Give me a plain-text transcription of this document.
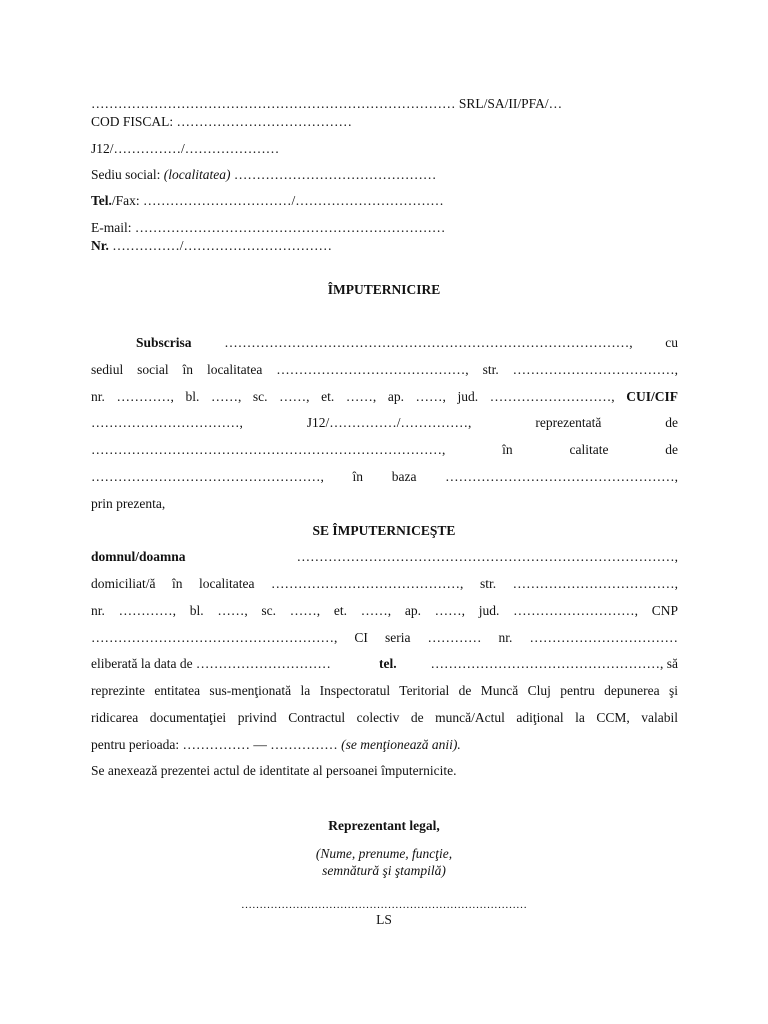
……………………………………………………………………… SRL/SA/II/PFA/…
COD FISCAL: …………………………………
J12/……………/…………………
Sediu social: (localitatea) ………………………………………
Tel./Fax: ……………………………/……………………………
E-mail: ……………………………………………………………
Nr. ……………/……………………………
ÎMPUTERNICIRE
Subscrisa ………………………………………………………………………………, cu
sediul social în localitatea ……………………………………, str. ………………………………,
nr. …………, bl. ……, sc. ……, et. ……, ap. ……, jud. ………………………, CUI/CIF
……………………………, J12/……………/……………, reprezentată de
……………………………………………………………………, în calitate de
……………………………………………, în baza ……………………………………………,
prin prezenta,
SE ÎMPUTERNICEŞTE
domnul/doamna	…………………………………………………………………………,
domiciliat/ă în localitatea ……………………………………, str. ………………………………,
nr. …………, bl. ……, sc. ……, et. ……, ap. ……, jud. ………………………, CNP
………………………………………………, CI seria ………… nr. ……………………………
eliberată la data de …………………………	tel.	……………………………………………, să
reprezinte entitatea sus-menţionată la Inspectoratul Teritorial de Muncă Cluj pentru depunerea şi
ridicarea documentaţiei privind Contractul colectiv de muncă/Actul adiţional la CCM, valabil
pentru perioada: …………… — …………… (se menţionează anii).
Se anexează prezentei actul de identitate al persoanei împuternicite.
Reprezentant legal,
(Nume, prenume, funcţie,
semnătură şi ştampilă)
……………………………………………………………………
LS
